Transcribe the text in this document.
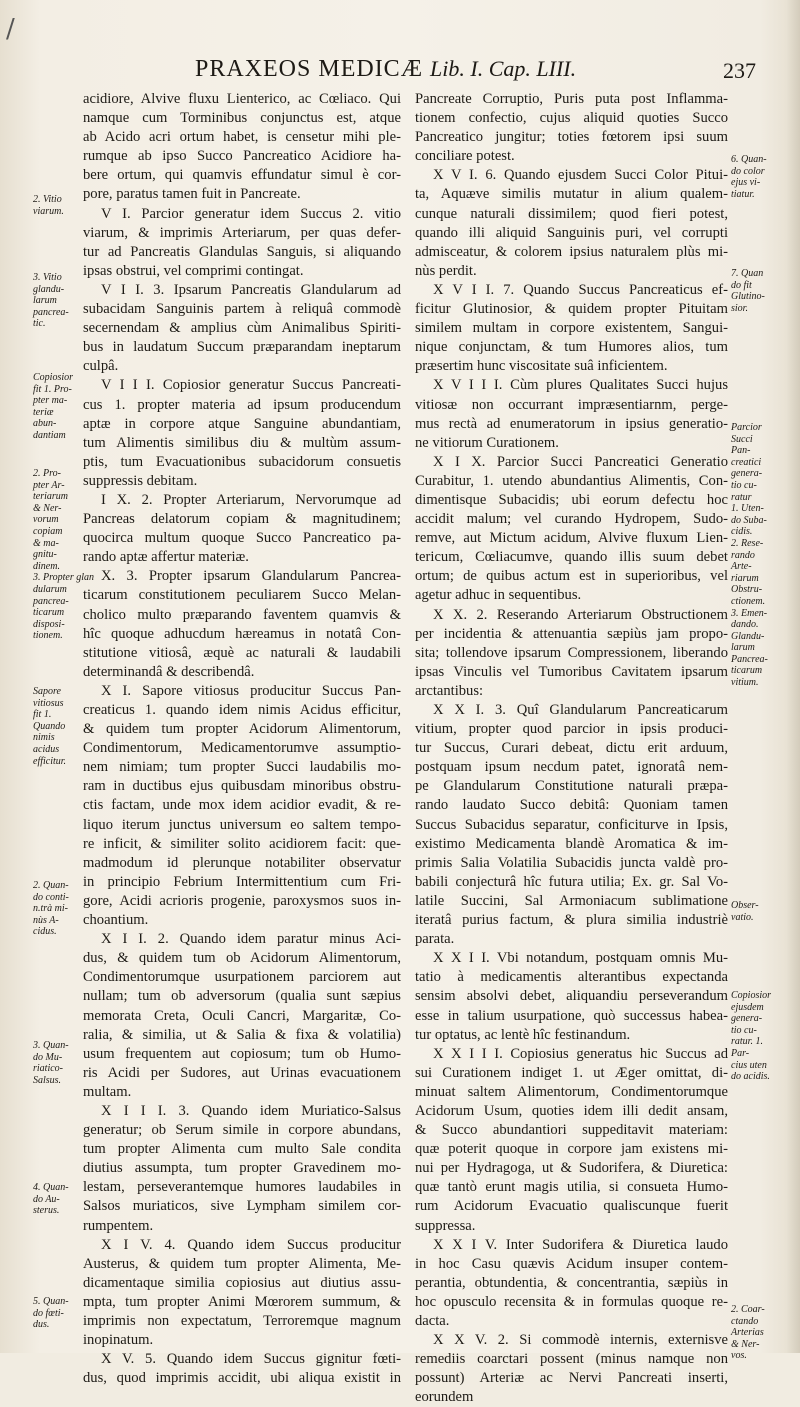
/
PRAXEOS MEDICÆ Lib. I. Cap. LIII.	237
acidiore, Alvive fluxu Lienterico, ac Cœliaco. Qui
namque cum Torminibus conjunctus est, atque
ab Acido acri ortum habet, is censetur mihi ple-
rumque ab ipso Succo Pancreatico Acidiore ha-
bere ortum, qui quamvis effundatur simul è cor-
pore, paratus tamen fuit in Pancreate.
V I. Parcior generatur idem Succus 2. vitio
viarum, & imprimis Arteriarum, per quas defer-
tur ad Pancreatis Glandulas Sanguis, si aliquando
ipsas obstrui, vel comprimi contingat.
V I I. 3. Ipsarum Pancreatis Glandularum ad
subacidam Sanguinis partem à reliquâ commodè
secernendam & amplius cùm Animalibus Spiriti-
bus in laudatum Succum præparandam ineptarum
culpâ.
V I I I. Copiosior generatur Succus Pancreati-
cus 1. propter materia ad ipsum producendum
aptæ in corpore atque Sanguine abundantiam,
tum Alimentis similibus diu & multùm assum-
ptis, tum Evacuationibus subacidorum consuetis
suppressis debitam.
I X. 2. Propter Arteriarum, Nervorumque ad
Pancreas delatorum copiam & magnitudinem;
quocirca multum quoque Succo Pancreatico pa-
rando aptæ affertur materiæ.
X. 3. Propter ipsarum Glandularum Pancrea-
ticarum constitutionem peculiarem Succo Melan-
cholico multo præparando faventem quamvis &
hîc quoque adhucdum hæreamus in notatâ Con-
stitutione vitiosâ, æquè ac naturali & laudabili
determinandâ & describendâ.
X I. Sapore vitiosus producitur Succus Pan-
creaticus 1. quando idem nimis Acidus efficitur,
& quidem tum propter Acidorum Alimentorum,
Condimentorum, Medicamentorumve assumptio-
nem nimiam; tum propter Succi laudabilis mo-
ram in ductibus ejus quibusdam minoribus obstru-
ctis factam, unde mox idem acidior evadit, & re-
liquo iterum junctus universum eo saltem tempo-
re inficit, & similiter solito acidiorem facit: quе-
madmodum id plerunque notabiliter observatur
in principio Febrium Intermittentium cum Fri-
gore, Acidi acrioris progenie, paroxysmos suos in-
choantium.
X I I. 2. Quando idem paratur minus Aci-
dus, & quidem tum ob Acidorum Alimentorum,
Condimentorumque usurpationem parciorem aut
nullam; tum ob adversorum (qualia sunt sæpius
memorata Creta, Oculi Cancri, Margaritæ, Co-
ralia, & similia, ut & Salia & fixa & volatilia)
usum frequentem aut copiosum; tum ob Humo-
ris Acidi per Sudores, aut Urinas evacuationem
multam.
X I I I. 3. Quando idem Muriatico-Salsus
generatur; ob Serum simile in corpore abundans,
tum propter Alimenta cum multo Sale condita
diutius assumpta, tum propter Gravedinem mo-
lestam, perseverantemque humores laudabiles in
Salsos muriaticos, sive Lympham similem cor-
rumpentem.
X I V. 4. Quando idem Succus producitur
Austerus, & quidem tum propter Alimenta, Me-
dicamentaque similia copiosius aut diutius assu-
mpta, tum propter Animi Mœrorem summum, &
imprimis non expectatum, Terroremque magnum
inopinatum.
X V. 5. Quando idem Succus gignitur fœti-
dus, quod imprimis accidit, ubi aliqua existit in
Pancreate Corruptio, Puris puta post Inflamma-
tionem confectio, cujus aliquid quoties Succo
Pancreatico jungitur; toties fœtorem ipsi suum
conciliare potest.
X V I. 6. Quando ejusdem Succi Color Pitui-
ta, Aquæve similis mutatur in alium qualem-
cunque naturali dissimilem; quod fieri potest,
quando illi aliquid Sanguinis puri, vel corrupti
admisceatur, & colorem ipsius naturalem plùs mi-
nùs perdit.
X V I I. 7. Quando Succus Pancreaticus ef-
ficitur Glutinosior, & quidem propter Pituitam
similem multam in corpore existentem, Sangui-
nique conjunctam, & tum Humores alios, tum
præsertim hunc viscositate suâ inficientem.
X V I I I. Cùm plures Qualitates Succi hujus
vitiosæ non occurrant impræsentiarnm, perge-
mus rectà ad enumeratorum in ipsius generatio-
ne vitiorum Curationem.
X I X. Parcior Succi Pancreatici Generatio
Curabitur, 1. utendo abundantius Alimentis, Con-
dimentisque Subacidis; ubi eorum defectu hoc
accidit malum; vel curando Hydropem, Sudo-
remve, aut Mictum acidum, Alvive fluxum Lien-
tericum, Cœliacumve, quando illis suum debet
ortum; de quibus actum est in superioribus, vel
agetur adhuc in sequentibus.
X X. 2. Reserando Arteriarum Obstructionem
per incidentia & attenuantia sæpiùs jam propo-
sita; tollendove ipsarum Compressionem, liberando
ipsas Vinculis vel Tumoribus Cavitatem ipsarum
arctantibus:
X X I. 3. Quî Glandularum Pancreaticarum
vitium, propter quod parcior in ipsis produci-
tur Succus, Curari debeat, dictu erit arduum,
postquam ipsum necdum patet, ignoratâ nem-
pe Glandularum Constitutione naturali præpa-
rando laudato Succo debitâ: Quoniam tamen
Succus Subacidus separatur, conficiturve in Ipsis,
existimo Medicamenta blandè Aromatica & im-
primis Salia Volatilia Subacidis juncta valdè pro-
babili conjecturâ hîc futura utilia; Ex. gr. Sal Vo-
latile Succini, Sal Armoniacum sublimatione
iteratâ purius factum, & plura similia industriè
parata.
X X I I. Vbi notandum, postquam omnis Mu-
tatio à medicamentis alterantibus expectanda
sensim absolvi debet, aliquandiu perseverandum
esse in talium usurpatione, quò successus habea-
tur optatus, ac lentè hîc festinandum.
X X I I I. Copiosius generatus hic Succus ad
sui Curationem indiget 1. ut Æger omittat, di-
minuat saltem Alimentorum, Condimentorumque
Acidorum Usum, quoties idem illi dedit ansam,
& Succo abundantiori suppeditavit materiam:
quæ poterit quoque in corpore jam existens mi-
nui per Hydragoga, ut & Sudorifera, & Diuretica:
quæ tantò erunt magis utilia, si consueta Humo-
rum Acidorum Evacuatio qualiscunque fuerit
suppressa.
X X I V. Inter Sudorifera & Diuretica laudo
in hoc Casu quævis Acidum insuper contem-
perantia, obtundentia, & concentrantia, sæpiùs in
hoc opusculo recensita & in formulas quoque re-
dacta.
X X V. 2. Si commodè internis, externisve
remediis coarctari possent (minus namque non
possunt) Arteriæ ac Nervi Pancreati inserti,
eorundem
2. Vitio
viarum.
3. Vitio
glandu-
larum
pancrea-
tic.
Copiosior
fit 1. Pro-
pter ma-
teriæ
abun-
dantiam
2. Pro-
pter Ar-
teriarum
& Ner-
vorum
copiam
& ma-
gnitu-
dinem.
3. Propter glan
dularum
pancrea-
ticarum
disposi-
tionem.
Sapore
vitiosus
fit 1.
Quando
nimis
acidus
efficitur.
2. Quan-
do conti-
n.trà mi-
nùs A-
cidus.
3. Quan-
do Mu-
riatico-
Salsus.
4. Quan-
do Au-
sterus.
5. Quan-
do fœti-
dus.
6. Quan-
do color
ejus vi-
tiatur.
7. Quan
do fit
Glutino-
sior.
Parcior
Succi
Pan-
creatici
genera-
tio cu-
ratur
1. Uten-
do Suba-
cidis.
2. Rese-
rando
Arte-
riarum
Obstru-
ctionem.
3. Emen-
dando.
Glandu-
larum
Pancrea-
ticarum
vitium.
Obser-
vatio.
Copiosior
ejusdem
genera-
tio cu-
ratur. 1.
Par-
cius uten
do acidis.
2. Coar-
ctando
Arterias
& Ner-
vos.
